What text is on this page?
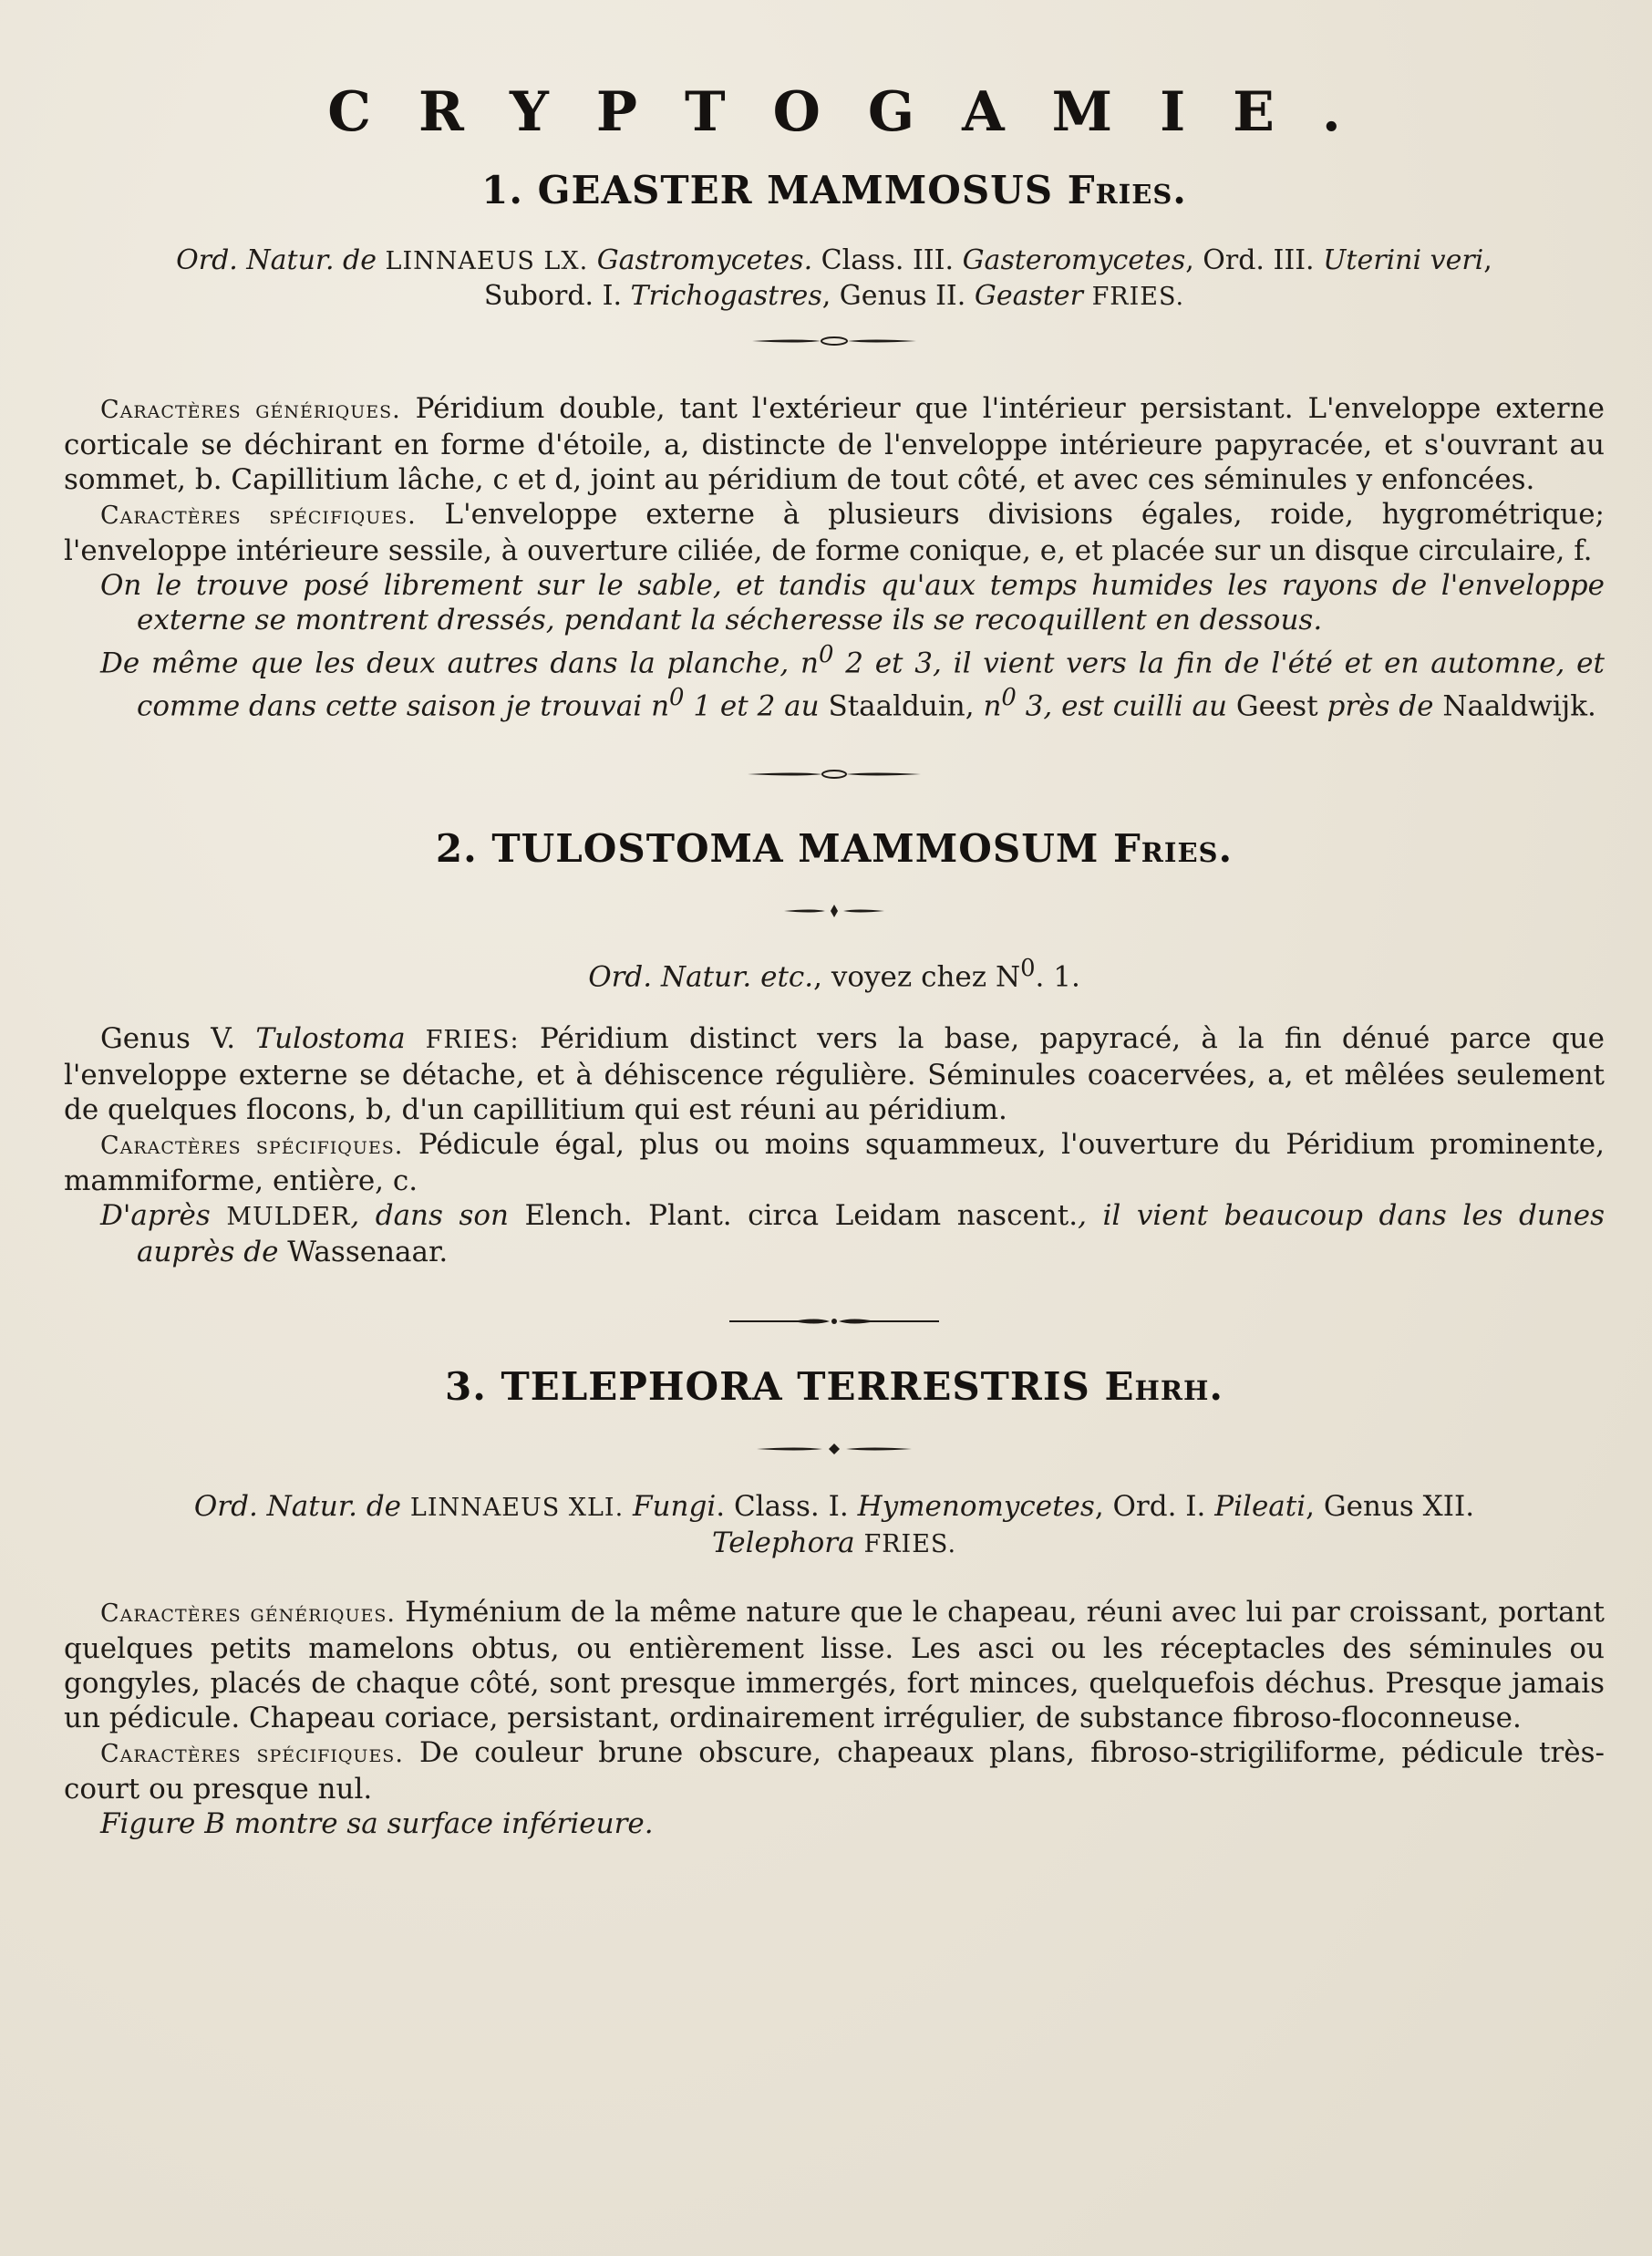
CRYPTOGAMIE.
1. GEASTER MAMMOSUS Fries.

Ord. Natur. de LINNAEUS LX. Gastromycetes. Class. III. Gasteromycetes, Ord. III. Uterini veri,
Subord. I. Trichogastres, Genus II. Geaster FRIES.

Caractères génériques. Péridium double, tant l'extérieur que l'intérieur persistant. L'enveloppe externe corticale se déchirant en forme d'étoile, a, distincte de l'enveloppe intérieure papyracée, et s'ouvrant au sommet, b. Capillitium lâche, c et d, joint au péridium de tout côté, et avec ces séminules y enfoncées.

Caractères spécifiques. L'enveloppe externe à plusieurs divisions égales, roide, hygrométrique; l'enveloppe intérieure sessile, à ouverture ciliée, de forme conique, e, et placée sur un disque circulaire, f.

On le trouve posé librement sur le sable, et tandis qu'aux temps humides les rayons de l'enveloppe externe se montrent dressés, pendant la sécheresse ils se recoquillent en dessous.

De même que les deux autres dans la planche, $n^0$ 2 et 3, il vient vers la fin de l'été et en automne, et comme dans cette saison je trouvai $n^0$ 1 et 2 au Staalduin, $n^0$ 3, est cuilli au Geest près de Naaldwijk.

2. TULOSTOMA MAMMOSUM Fries.

Ord. Natur. etc., voyez chez $N^0$. 1.

Genus V. Tulostoma FRIES: Péridium distinct vers la base, papyracé, à la fin dénué parce que l'enveloppe externe se détache, et à déhiscence régulière. Séminules coacervées, a, et mêlées seulement de quelques flocons, b, d'un capillitium qui est réuni au péridium.

Caractères spécifiques. Pédicule égal, plus ou moins squammeux, l'ouverture du Péridium prominente, mammiforme, entière, c.

D'après MULDER, dans son Elench. Plant. circa Leidam nascent., il vient beaucoup dans les dunes auprès de Wassenaar.

3. TELEPHORA TERRESTRIS Ehrh.

Ord. Natur. de LINNAEUS XLI. Fungi. Class. I. Hymenomycetes, Ord. I. Pileati, Genus XII.
Telephora FRIES.

Caractères génériques. Hyménium de la même nature que le chapeau, réuni avec lui par croissant, portant quelques petits mamelons obtus, ou entièrement lisse. Les asci ou les réceptacles des séminules ou gongyles, placés de chaque côté, sont presque immergés, fort minces, quelquefois déchus. Presque jamais un pédicule. Chapeau coriace, persistant, ordinairement irrégulier, de substance fibroso-floconneuse.

Caractères spécifiques. De couleur brune obscure, chapeaux plans, fibroso-strigiliforme, pédicule très-court ou presque nul.

Figure B montre sa surface inférieure.
